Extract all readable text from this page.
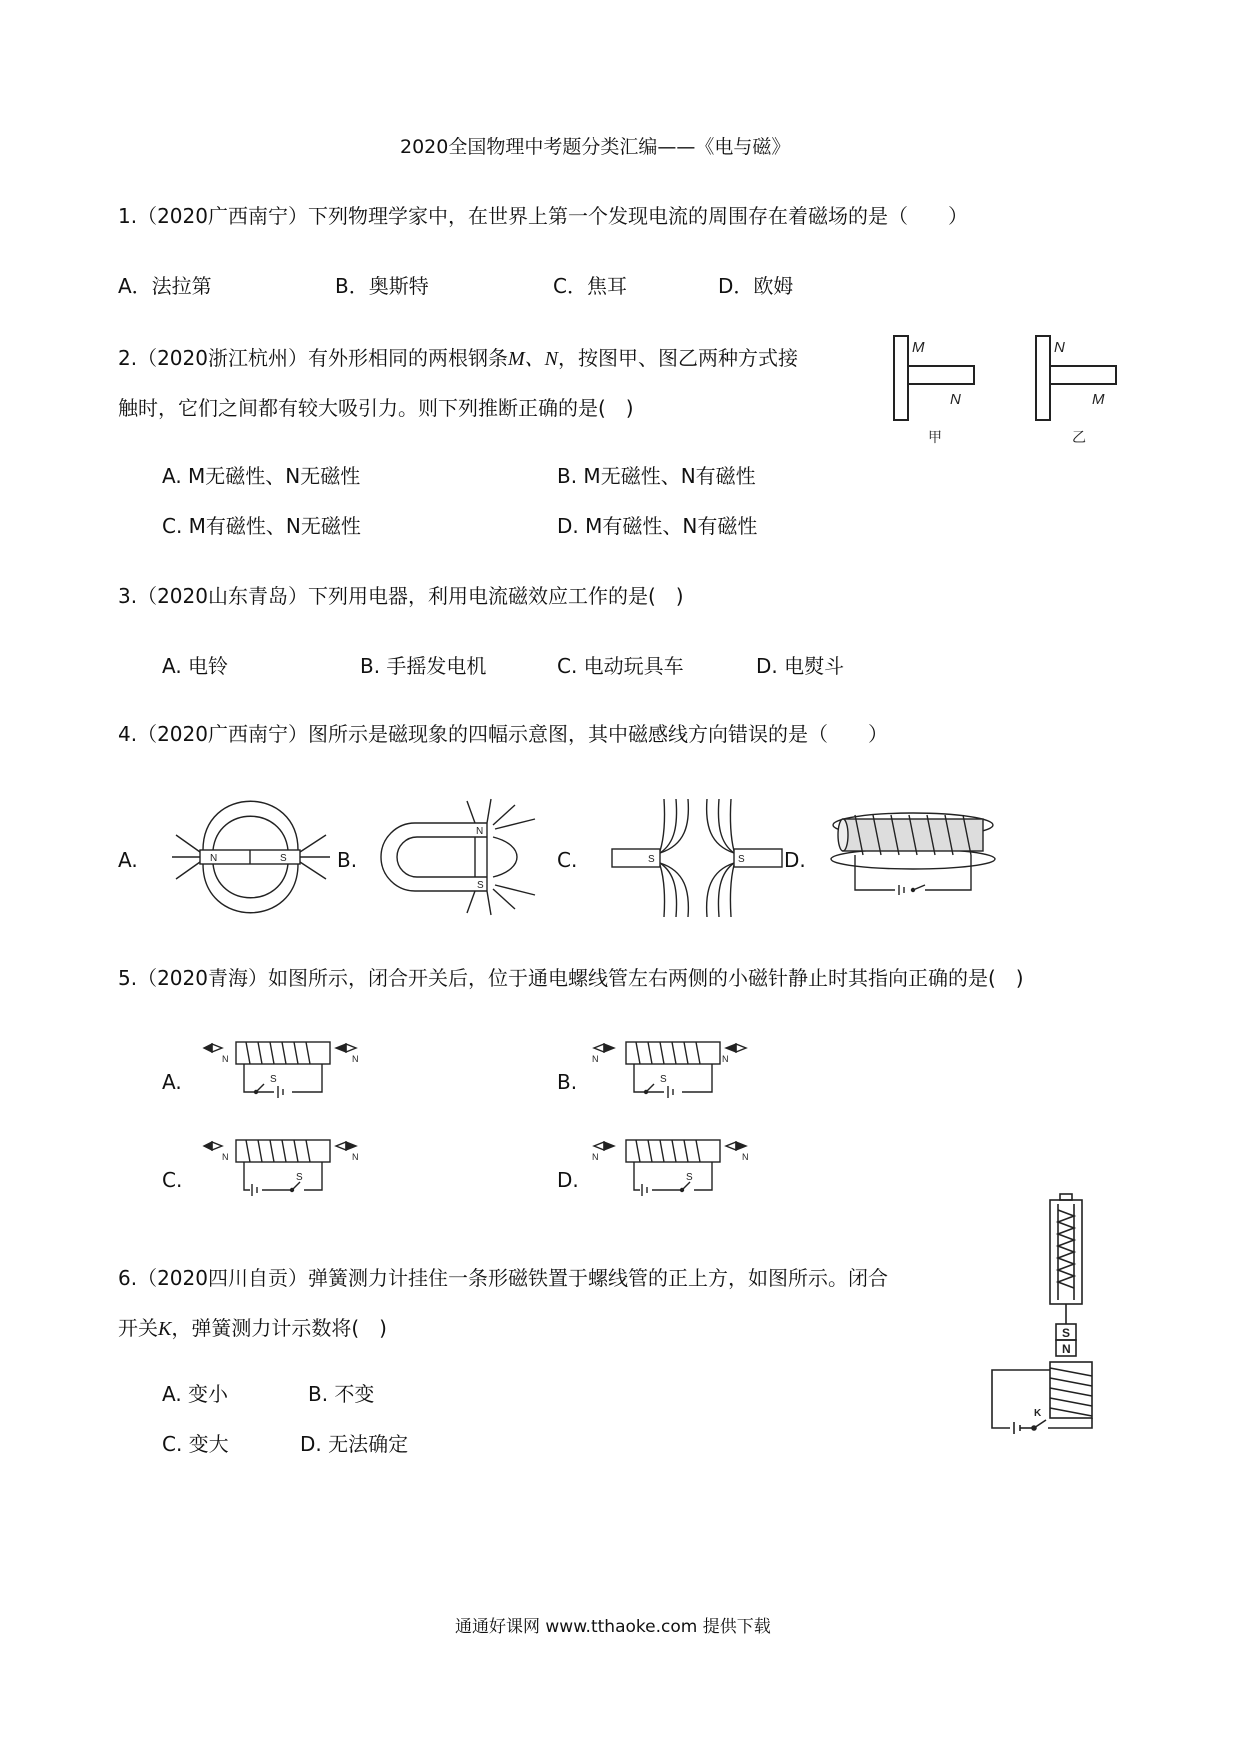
2020全国物理中考题分类汇编——《电与磁》
1.（2020广西南宁）下列物理学家中，在世界上第一个发现电流的周围存在着磁场的是（　　）
A．法拉第	B．奥斯特	C．焦耳	D．欧姆
2.（2020浙江杭州）有外形相同的两根钢条M、N，按图甲、图乙两种方式接
触时，它们之间都有较大吸引力。则下列推断正确的是(　)
A. M无磁性、N无磁性	B. M无磁性、N有磁性
C. M有磁性、N无磁性	D. M有磁性、N有磁性
M
N
甲
N
M
乙
3.（2020山东青岛）下列用电器，利用电流磁效应工作的是(　)
A. 电铃	B. 手摇发电机	C. 电动玩具车	D. 电熨斗
4.（2020广西南宁）图所示是磁现象的四幅示意图，其中磁感线方向错误的是（　　）
A.	B.	C.	D.
N	S
N
S
S	S
5.（2020青海）如图所示，闭合开关后，位于通电螺线管左右两侧的小磁针静止时其指向正确的是(　)
A.	B.
C.	D.
N
S
N	N
S
N
N
S
N	N
S
N
6.（2020四川自贡）弹簧测力计挂住一条形磁铁置于螺线管的正上方，如图所示。闭合
开关K，弹簧测力计示数将(　)
A. 变小	B. 不变
C. 变大	D. 无法确定
S
N
K
通通好课网 www.tthaoke.com 提供下载
